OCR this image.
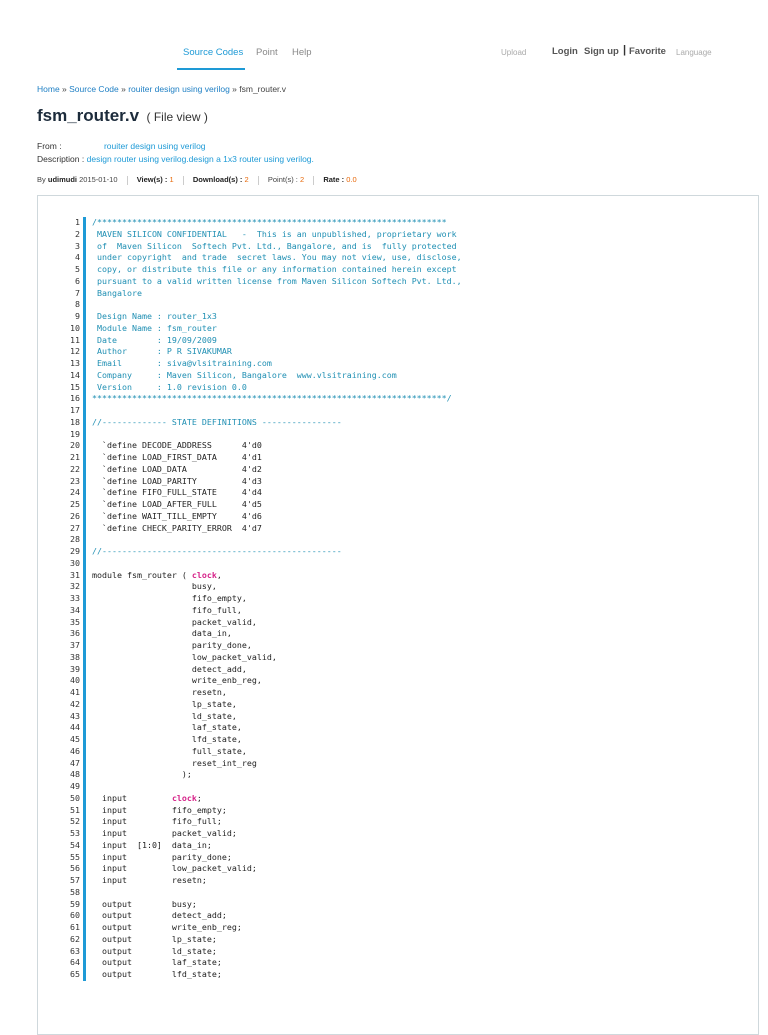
Source Codes Point Help	Upload	Login Sign up | Favorite Language
Home » Source Code » rouiter design using verilog » fsm_router.v
fsm_router.v ( File view )
From :	rouiter design using verilog
Description : design router using verilog.design a 1x3 router using verilog.
By udimudi 2015-01-10	View(s) : 1	Download(s) : 2	Point(s) : 2	Rate : 0.0
1 /**********************************************************************
2 MAVEN SILICON CONFIDENTIAL   -  This is an unpublished, proprietary work
3 of  Maven Silicon  Softech Pvt. Ltd., Bangalore, and is  fully protected
4 under copyright  and trade  secret laws. You may not view, use, disclose,
5 copy, or distribute this file or any information contained herein except
6 pursuant to a valid written license from Maven Silicon Softech Pvt. Ltd.,
7 Bangalore
8
9 Design Name : router_1x3
10 Module Name : fsm_router
11 Date        : 19/09/2009
12 Author      : P R SIVAKUMAR
13 Email       : siva@vlsitraining.com
14 Company     : Maven Silicon, Bangalore  www.vlsitraining.com
15 Version     : 1.0 revision 0.0
16 ***********************************************************************/
17
18 //------------- STATE DEFINITIONS ----------------
19
20 `define DECODE_ADDRESS      4'd0
21 `define LOAD_FIRST_DATA     4'd1
22 `define LOAD_DATA           4'd2
23 `define LOAD_PARITY         4'd3
24 `define FIFO_FULL_STATE     4'd4
25 `define LOAD_AFTER_FULL     4'd5
26 `define WAIT_TILL_EMPTY     4'd6
27 `define CHECK_PARITY_ERROR  4'd7
28
29 //------------------------------------------------
30
31 module fsm_router ( clock,
32 busy,
33 fifo_empty,
34 fifo_full,
35 packet_valid,
36 data_in,
37 parity_done,
38 low_packet_valid,
39 detect_add,
40 write_enb_reg,
41 resetn,
42 lp_state,
43 ld_state,
44 laf_state,
45 lfd_state,
46 full_state,
47 reset_int_reg
48 );
49
50 input         clock;
51 input         fifo_empty;
52 input         fifo_full;
53 input         packet_valid;
54 input  [1:0]  data_in;
55 input         parity_done;
56 input         low_packet_valid;
57 input         resetn;
58
59 output        busy;
60 output        detect_add;
61 output        write_enb_reg;
62 output        lp_state;
63 output        ld_state;
64 output        laf_state;
65 output        lfd_state;
